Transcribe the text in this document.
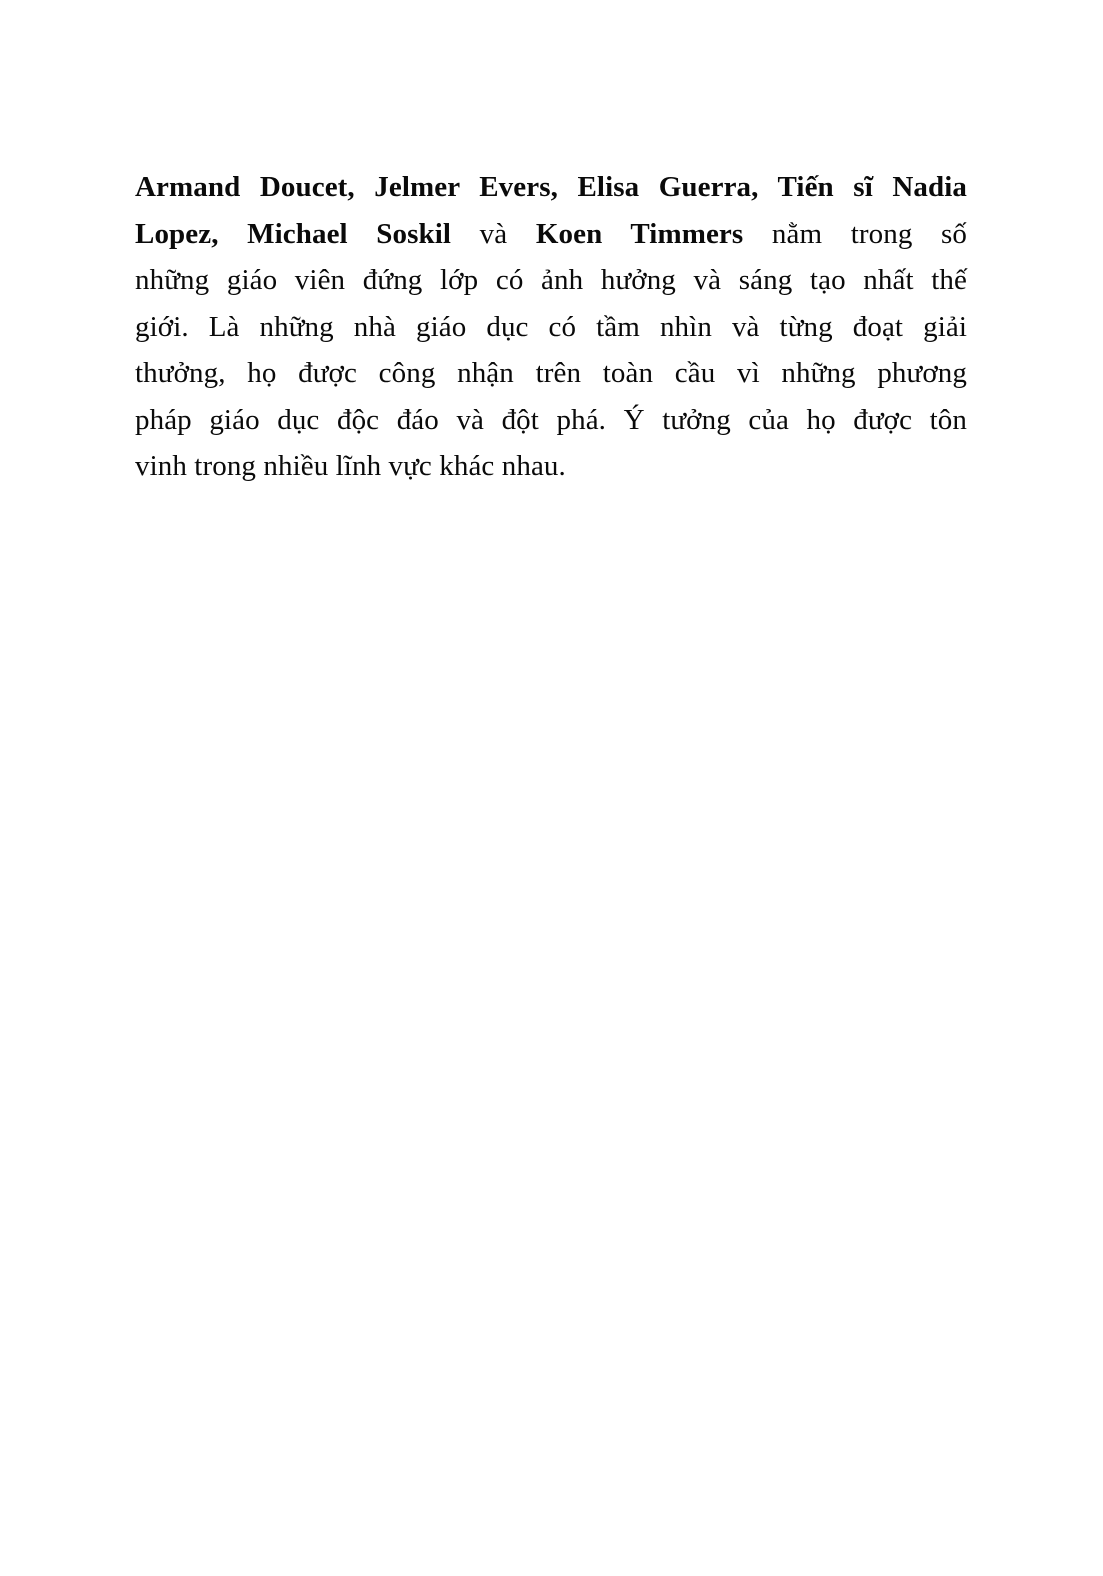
Armand Doucet, Jelmer Evers, Elisa Guerra, Tiến sĩ Nadia
Lopez, Michael Soskil và Koen Timmers nằm trong số
những giáo viên đứng lớp có ảnh hưởng và sáng tạo nhất thế
giới. Là những nhà giáo dục có tầm nhìn và từng đoạt giải
thưởng, họ được công nhận trên toàn cầu vì những phương
pháp giáo dục độc đáo và đột phá. Ý tưởng của họ được tôn
vinh trong nhiều lĩnh vực khác nhau.
